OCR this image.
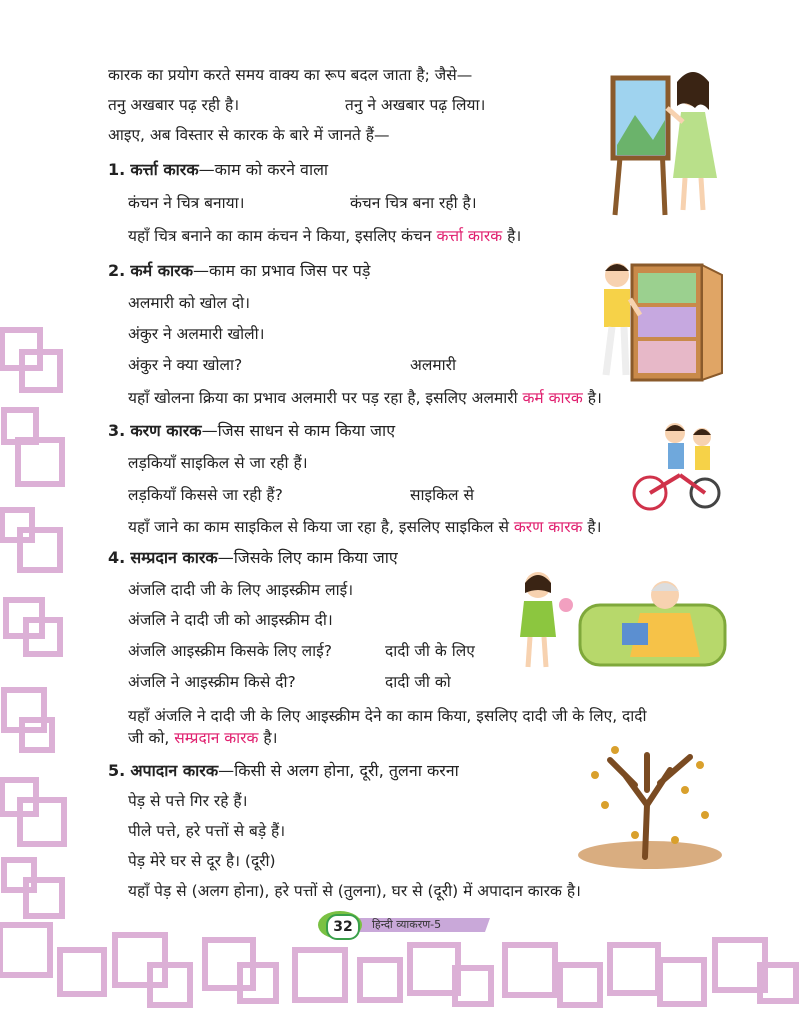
कारक का प्रयोग करते समय वाक्य का रूप बदल जाता है; जैसे—
तनु अखबार पढ़ रही है।	तनु ने अखबार पढ़ लिया।
आइए, अब विस्तार से कारक के बारे में जानते हैं—
1. कर्त्ता कारक—काम को करने वाला
कंचन ने चित्र बनाया।	कंचन चित्र बना रही है।
यहाँ चित्र बनाने का काम कंचन ने किया, इसलिए कंचन कर्त्ता कारक है।
2. कर्म कारक—काम का प्रभाव जिस पर पड़े
अलमारी को खोल दो।
अंकुर ने अलमारी खोली।
अंकुर ने क्या खोला?	अलमारी
यहाँ खोलना क्रिया का प्रभाव अलमारी पर पड़ रहा है, इसलिए अलमारी कर्म कारक है।
3. करण कारक—जिस साधन से काम किया जाए
लड़कियाँ साइकिल से जा रही हैं।
लड़कियाँ किससे जा रही हैं?	साइकिल से
यहाँ जाने का काम साइकिल से किया जा रहा है, इसलिए साइकिल से करण कारक है।
4. सम्प्रदान कारक—जिसके लिए काम किया जाए
अंजलि दादी जी के लिए आइस्क्रीम लाई।
अंजलि ने दादी जी को आइस्क्रीम दी।
अंजलि आइस्क्रीम किसके लिए लाई?	दादी जी के लिए
अंजलि ने आइस्क्रीम किसे दी?	दादी जी को
यहाँ अंजलि ने दादी जी के लिए आइस्क्रीम देने का काम किया, इसलिए दादी जी के लिए, दादी
जी को, सम्प्रदान कारक है।
5. अपादान कारक—किसी से अलग होना, दूरी, तुलना करना
पेड़ से पत्ते गिर रहे हैं।
पीले पत्ते, हरे पत्तों से बड़े हैं।
पेड़ मेरे घर से दूर है। (दूरी)
यहाँ पेड़ से (अलग होना), हरे पत्तों से (तुलना), घर से (दूरी) में अपादान कारक है।
32	हिन्दी व्याकरण-5
